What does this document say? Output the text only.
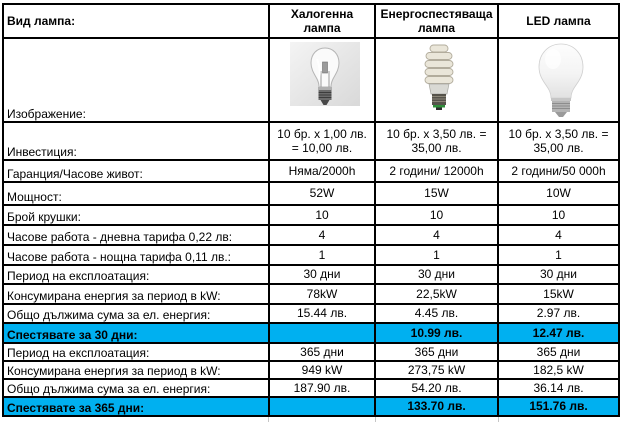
Вид лампа:	Халогенна лампа	Енергоспестяваща лампа	LED лампа
Изображение:	

Инвестиция:	10 бр. x 1,00 лв. = 10,00 лв.	10 бр. x 3,50 лв. = 35,00 лв.	10 бр. x 3,50 лв. = 35,00 лв.
Гаранция/Часове живот:	Няма/2000h	2 години/ 12000h	2 години/50 000h
Мощност:	52W	15W	10W
Брой крушки:	10	10	10
Часове работа - дневна тарифа 0,22 лв:	4	4	4
Часове работа - нощна тарифа 0,11 лв.:	1	1	1
Период на експлоатация:	30 дни	30 дни	30 дни
Консумирана енергия за период в kW:	78kW	22,5kW	15kW
Общо дължима сума за ел. енергия:	15.44 лв.	4.45 лв.	2.97 лв.
Спестявате за 30 дни:		10.99 лв.	12.47 лв.
Период на експлоатация:	365 дни	365 дни	365 дни
Консумирана енергия за период в kW:	949 kW	273,75 kW	182,5 kW
Общо дължима сума за ел. енергия:	187.90 лв.	54.20 лв.	36.14 лв.
Спестявате за 365 дни:		133.70 лв.	151.76 лв.
